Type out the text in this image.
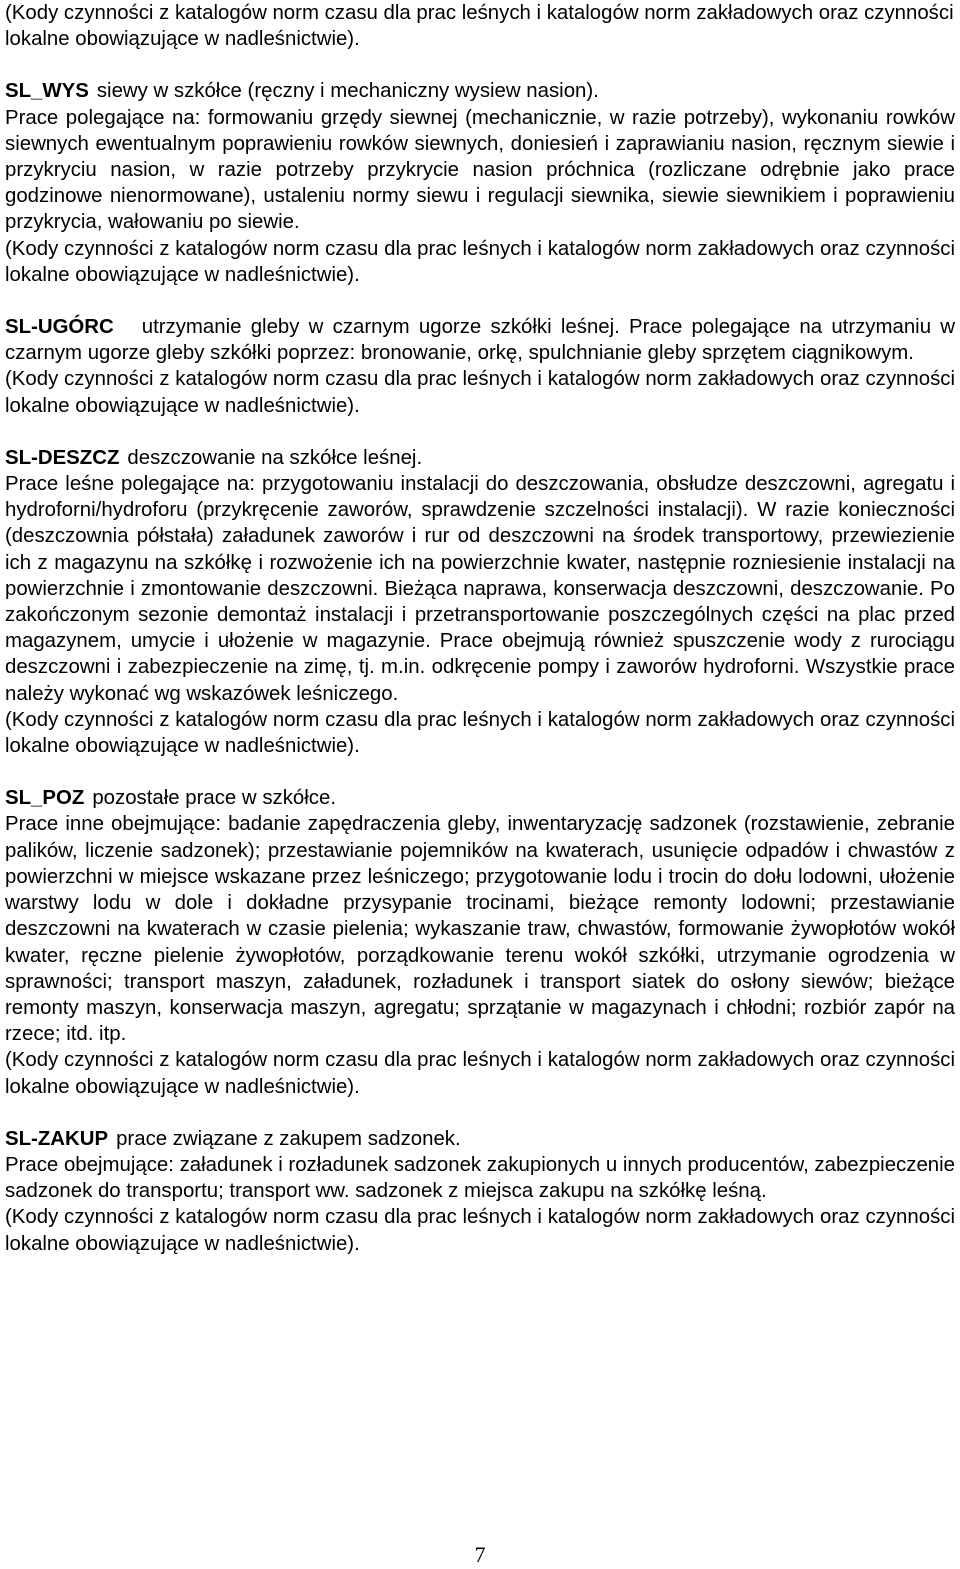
(Kody czynności z katalogów norm czasu dla prac leśnych i katalogów norm zakładowych oraz czynności lokalne obowiązujące w nadleśnictwie).

SL_WYS siewy w szkółce (ręczny i mechaniczny wysiew nasion).

Prace polegające na: formowaniu grzędy siewnej (mechanicznie, w razie potrzeby), wykonaniu rowków siewnych ewentualnym poprawieniu rowków siewnych, doniesień i zaprawianiu nasion, ręcznym siewie i przykryciu nasion, w razie potrzeby przykrycie nasion próchnica (rozliczane odrębnie jako prace godzinowe nienormowane), ustaleniu normy siewu i regulacji siewnika, siewie siewnikiem i poprawieniu przykrycia, wałowaniu po siewie.

(Kody czynności z katalogów norm czasu dla prac leśnych i katalogów norm zakładowych oraz czynności lokalne obowiązujące w nadleśnictwie).

SL-UGÓRC utrzymanie gleby w czarnym ugorze szkółki leśnej. Prace polegające na utrzymaniu w czarnym ugorze gleby szkółki poprzez: bronowanie, orkę, spulchnianie gleby sprzętem ciągnikowym.

(Kody czynności z katalogów norm czasu dla prac leśnych i katalogów norm zakładowych oraz czynności lokalne obowiązujące w nadleśnictwie).

SL-DESZCZ deszczowanie na szkółce leśnej.

Prace leśne polegające na: przygotowaniu instalacji do deszczowania, obsłudze deszczowni, agregatu i hydroforni/hydroforu (przykręcenie zaworów, sprawdzenie szczelności instalacji). W razie konieczności (deszczownia półstała) załadunek zaworów i rur od deszczowni na środek transportowy, przewiezienie ich z magazynu na szkółkę i rozwożenie ich na powierzchnie kwater, następnie rozniesienie instalacji na powierzchnie i zmontowanie deszczowni. Bieżąca naprawa, konserwacja deszczowni, deszczowanie. Po zakończonym sezonie demontaż instalacji i przetransportowanie poszczególnych części na plac przed magazynem, umycie i ułożenie w magazynie. Prace obejmują również spuszczenie wody z rurociągu deszczowni i zabezpieczenie na zimę, tj. m.in. odkręcenie pompy i zaworów hydroforni. Wszystkie prace należy wykonać wg wskazówek leśniczego.

(Kody czynności z katalogów norm czasu dla prac leśnych i katalogów norm zakładowych oraz czynności lokalne obowiązujące w nadleśnictwie).

SL_POZ pozostałe prace w szkółce.

Prace inne obejmujące: badanie zapędraczenia gleby, inwentaryzację sadzonek (rozstawienie, zebranie palików, liczenie sadzonek); przestawianie pojemników na kwaterach, usunięcie odpadów i chwastów z powierzchni w miejsce wskazane przez leśniczego; przygotowanie lodu i trocin do dołu lodowni, ułożenie warstwy lodu w dole i dokładne przysypanie trocinami, bieżące remonty lodowni; przestawianie deszczowni na kwaterach w czasie pielenia; wykaszanie traw, chwastów, formowanie żywopłotów wokół kwater, ręczne pielenie żywopłotów, porządkowanie terenu wokół szkółki, utrzymanie ogrodzenia w sprawności; transport maszyn, załadunek, rozładunek i transport siatek do osłony siewów; bieżące remonty maszyn, konserwacja maszyn, agregatu; sprzątanie w magazynach i chłodni; rozbiór zapór na rzece; itd. itp.

(Kody czynności z katalogów norm czasu dla prac leśnych i katalogów norm zakładowych oraz czynności lokalne obowiązujące w nadleśnictwie).

SL-ZAKUP prace związane z zakupem sadzonek.

Prace obejmujące: załadunek i rozładunek sadzonek zakupionych u innych producentów, zabezpieczenie sadzonek do transportu; transport ww. sadzonek z miejsca zakupu na szkółkę leśną.

(Kody czynności z katalogów norm czasu dla prac leśnych i katalogów norm zakładowych oraz czynności lokalne obowiązujące w nadleśnictwie).

7
